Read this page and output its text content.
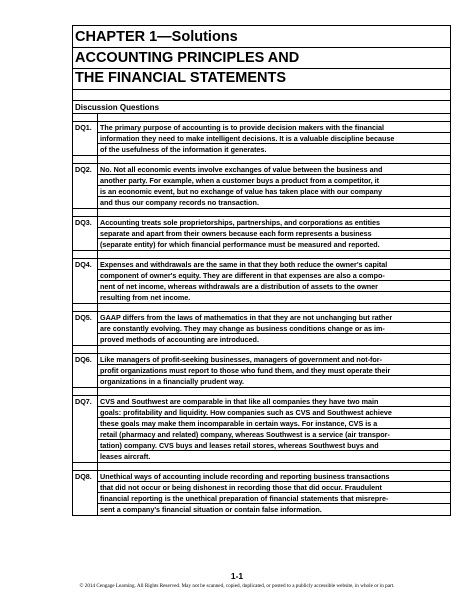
CHAPTER 1—Solutions
ACCOUNTING PRINCIPLES AND
THE FINANCIAL STATEMENTS
Discussion Questions
DQ1.	The primary purpose of accounting is to provide decision makers with the financial
information they need to make intelligent decisions. It is a valuable discipline because
of the usefulness of the information it generates.
DQ2.	No. Not all economic events involve exchanges of value between the business and
another party. For example, when a customer buys a product from a competitor, it
is an economic event, but no exchange of value has taken place with our company
and thus our company records no transaction.
DQ3.	Accounting treats sole proprietorships, partnerships, and corporations as entities
separate and apart from their owners because each form represents a business
(separate entity) for which financial performance must be measured and reported.
DQ4.	Expenses and withdrawals are the same in that they both reduce the owner's capital
component of owner's equity. They are different in that expenses are also a compo-
nent of net income, whereas withdrawals are a distribution of assets to the owner
resulting from net income.
DQ5.	GAAP differs from the laws of mathematics in that they are not unchanging but rather
are constantly evolving. They may change as business conditions change or as im-
proved methods of accounting are introduced.
DQ6.	Like managers of profit-seeking businesses, managers of government and not-for-
profit organizations must report to those who fund them, and they must operate their
organizations in a financially prudent way.
DQ7.	CVS and Southwest are comparable in that like all companies they have two main
goals: profitability and liquidity. How companies such as CVS and Southwest achieve
these goals may make them incomparable in certain ways. For instance, CVS is a
retail (pharmacy and related) company, whereas Southwest is a service (air transpor-
tation) company. CVS buys and leases retail stores, whereas Southwest buys and
leases aircraft.
DQ8.	Unethical ways of accounting include recording and reporting business transactions
that did not occur or being dishonest in recording those that did occur. Fraudulent
financial reporting is the unethical preparation of financial statements that misrepre-
sent a company's financial situation or contain false information.
1-1
© 2014 Cengage Learning. All Rights Reserved. May not be scanned, copied, duplicated, or posted to a publicly accessible website, in whole or in part.
